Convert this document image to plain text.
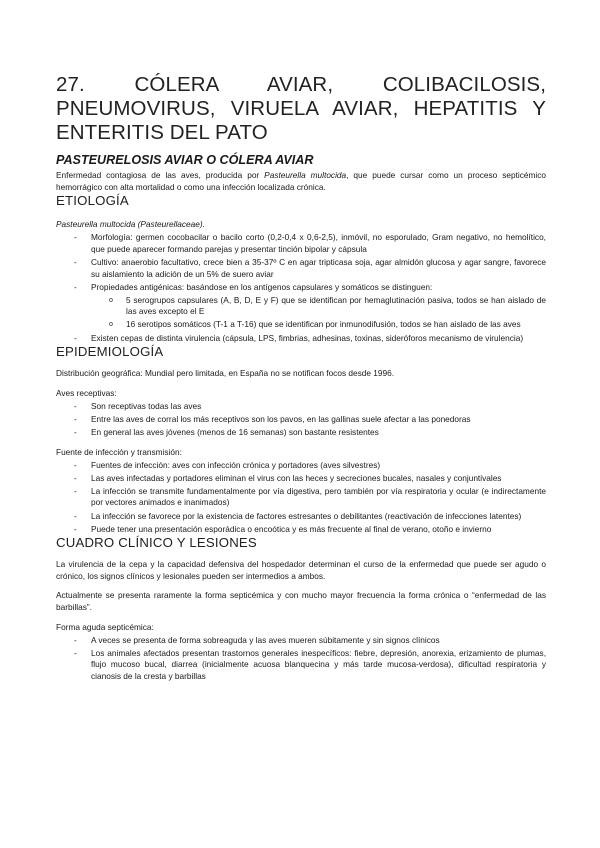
27. CÓLERA AVIAR, COLIBACILOSIS, PNEUMOVIRUS, VIRUELA AVIAR, HEPATITIS Y ENTERITIS DEL PATO
PASTEURELOSIS AVIAR O CÓLERA AVIAR

Enfermedad contagiosa de las aves, producida por Pasteurella multocida, que puede cursar como un proceso septicémico hemorrágico con alta mortalidad o como una infección localizada crónica.

ETIOLOGÍA

Pasteurella multocida (Pasteurellaceae).

- Morfología: germen cocobacilar o bacilo corto (0,2-0,4 x 0,6-2,5), inmóvil, no esporulado, Gram negativo, no hemolítico, que puede aparecer formando parejas y presentar tinción bipolar y cápsula
- Cultivo: anaerobio facultativo, crece bien a 35-37º C en agar tripticasa soja, agar almidón glucosa y agar sangre, favorece su aislamiento la adición de un 5% de suero aviar
- Propiedades antigénicas: basándose en los antígenos capsulares y somáticos se distinguen:
o 5 serogrupos capsulares (A, B, D, E y F) que se identifican por hemaglutinación pasiva, todos se han aislado de las aves excepto el E
o 16 serotipos somáticos (T-1 a T-16) que se identifican por inmunodifusión, todos se han aislado de las aves
- Existen cepas de distinta virulencia (cápsula, LPS, fimbrias, adhesinas, toxinas, sideróforos mecanismo de virulencia)
EPIDEMIOLOGÍA

Distribución geográfica: Mundial pero limitada, en España no se notifican focos desde 1996.

Aves receptivas:

- Son receptivas todas las aves
- Entre las aves de corral los más receptivos son los pavos, en las gallinas suele afectar a las ponedoras
- En general las aves jóvenes (menos de 16 semanas) son bastante resistentes

Fuente de infección y transmisión:

- Fuentes de infección: aves con infección crónica y portadores (aves silvestres)
- Las aves infectadas y portadores eliminan el virus con las heces y secreciones bucales, nasales y conjuntivales
- La infección se transmite fundamentalmente por vía digestiva, pero también por vía respiratoria y ocular (e indirectamente por vectores animados e inanimados)
- La infección se favorece por la existencia de factores estresantes o debilitantes (reactivación de infecciones latentes)
- Puede tener una presentación esporádica o encoótica y es más frecuente al final de verano, otoño e invierno
CUADRO CLÍNICO Y LESIONES

La virulencia de la cepa y la capacidad defensiva del hospedador determinan el curso de la enfermedad que puede ser agudo o crónico, los signos clínicos y lesionales pueden ser intermedios a ambos.

Actualmente se presenta raramente la forma septicémica y con mucho mayor frecuencia la forma crónica o “enfermedad de las barbillas”.

Forma aguda septicémica:

- A veces se presenta de forma sobreaguda y las aves mueren súbitamente y sin signos clínicos
- Los animales afectados presentan trastornos generales inespecíficos: fiebre, depresión, anorexia, erizamiento de plumas, flujo mucoso bucal, diarrea (inicialmente acuosa blanquecina y más tarde mucosa-verdosa), dificultad respiratoria y cianosis de la cresta y barbillas
